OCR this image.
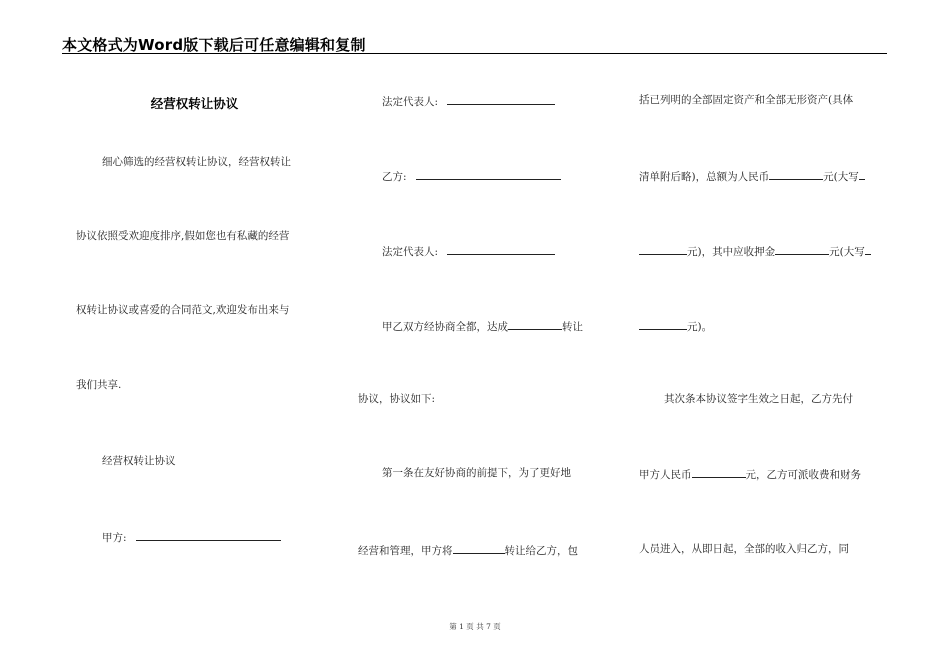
本文格式为Word版下载后可任意编辑和复制
经营权转让协议
细心筛选的经营权转让协议，经营权转让
协议依照受欢迎度排序,假如您也有私藏的经营
权转让协议或喜爱的合同范文,欢迎发布出来与
我们共享.
经营权转让协议
甲方:
法定代表人:
乙方:
法定代表人:
甲乙双方经协商全都，达成	转让
协议，协议如下:
第一条在友好协商的前提下，为了更好地
经营和管理，甲方将	转让给乙方，包
括已列明的全部固定资产和全部无形资产(具体
清单附后略)，总额为人民币	元(大写
元)，其中应收押金	元(大写
元)。
其次条本协议签字生效之日起，乙方先付
甲方人民币	元，乙方可派收费和财务
人员进入，从即日起，全部的收入归乙方，同
第 1 页 共 7 页
